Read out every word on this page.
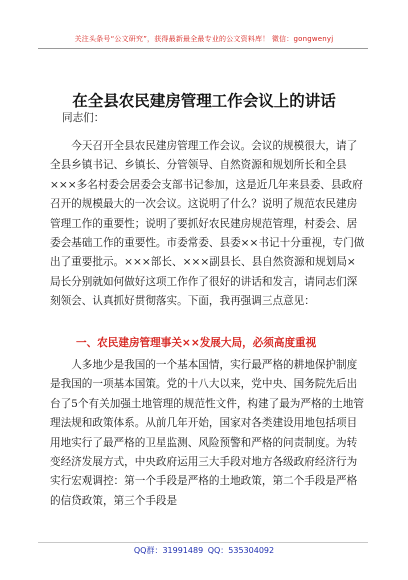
关注头条号“公文研究”，获得最新最全最专业的公文资料库！ 微信：gongwenyj
在全县农民建房管理工作会议上的讲话

同志们：

今天召开全县农民建房管理工作会议。会议的规模很大，请了全县乡镇书记、乡镇长、分管领导、自然资源和规划所长和全县×××多名村委会居委会支部书记参加，这是近几年来县委、县政府召开的规模最大的一次会议。这说明了什么？说明了规范农民建房管理工作的重要性；说明了要抓好农民建房规范管理，村委会、居委会基础工作的重要性。市委常委、县委××书记十分重视，专门做出了重要批示。×××部长、×××副县长、县自然资源和规划局×局长分别就如何做好这项工作作了很好的讲话和发言，请同志们深刻领会、认真抓好贯彻落实。下面，我再强调三点意见：

一、农民建房管理事关××发展大局，必须高度重视

人多地少是我国的一个基本国情，实行最严格的耕地保护制度是我国的一项基本国策。党的十八大以来，党中央、国务院先后出台了5个有关加强土地管理的规范性文件，构建了最为严格的土地管理法规和政策体系。从前几年开始，国家对各类建设用地包括项目用地实行了最严格的卫星监测、风险预警和严格的问责制度。为转变经济发展方式，中央政府运用三大手段对地方各级政府经济行为实行宏观调控：第一个手段是严格的土地政策，第二个手段是严格的信贷政策，第三个手段是

QQ群：31991489 QQ：535304092
